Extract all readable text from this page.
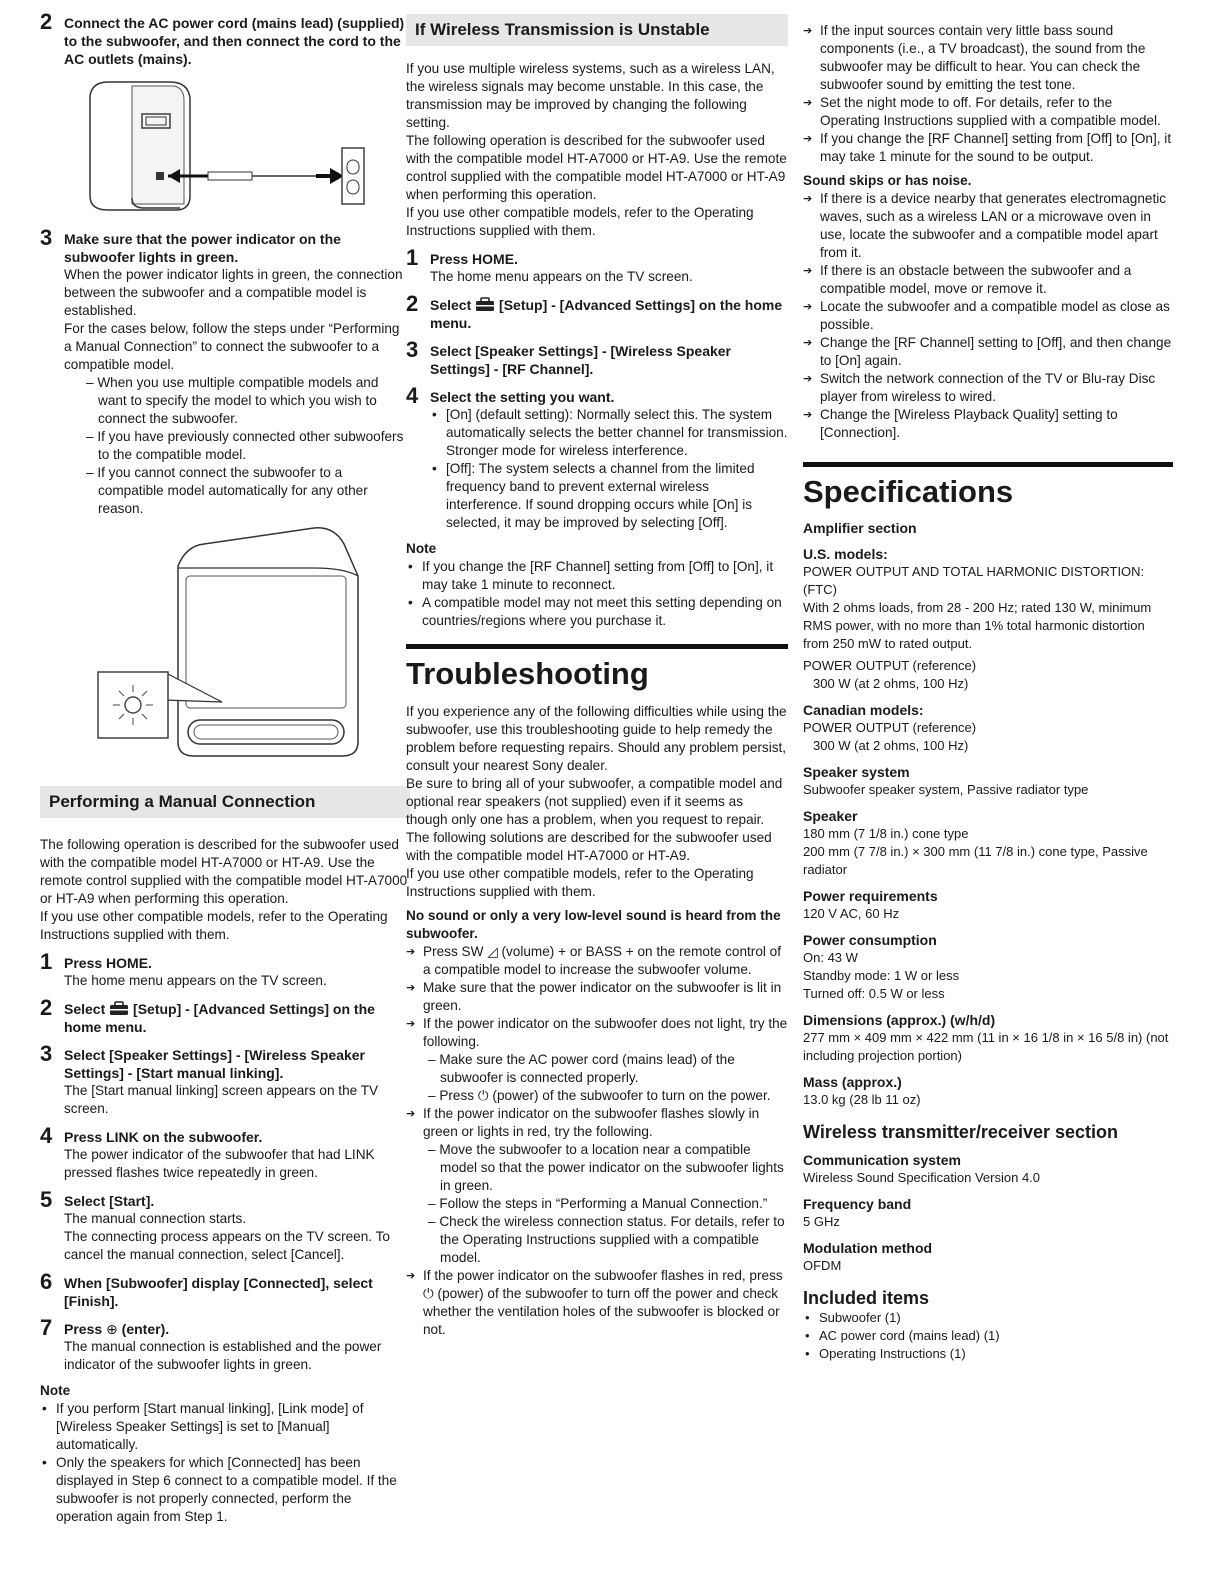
2 Connect the AC power cord (mains lead) (supplied) to the subwoofer, and then connect the cord to the AC outlets (mains).

3 Make sure that the power indicator on the subwoofer lights in green.

When the power indicator lights in green, the connection between the subwoofer and a compatible model is established.

For the cases below, follow the steps under “Performing a Manual Connection” to connect the subwoofer to a compatible model.

– When you use multiple compatible models and want to specify the model to which you wish to connect the subwoofer.

– If you have previously connected other subwoofers to the compatible model.

– If you cannot connect the subwoofer to a compatible model automatically for any other reason.

Performing a Manual Connection

The following operation is described for the subwoofer used with the compatible model HT-A7000 or HT-A9. Use the remote control supplied with the compatible model HT-A7000 or HT-A9 when performing this operation.

If you use other compatible models, refer to the Operating Instructions supplied with them.

1 Press HOME.

The home menu appears on the TV screen.

2 Select [Setup] - [Advanced Settings] on the home menu.

3 Select [Speaker Settings] - [Wireless Speaker Settings] - [Start manual linking].

The [Start manual linking] screen appears on the TV screen.

4 Press LINK on the subwoofer.

The power indicator of the subwoofer that had LINK pressed flashes twice repeatedly in green.

5 Select [Start].

The manual connection starts.

The connecting process appears on the TV screen. To cancel the manual connection, select [Cancel].

6 When [Subwoofer] display [Connected], select [Finish].

7 Press ⊕ (enter).

The manual connection is established and the power indicator of the subwoofer lights in green.

Note

• If you perform [Start manual linking], [Link mode] of [Wireless Speaker Settings] is set to [Manual] automatically.

• Only the speakers for which [Connected] has been displayed in Step 6 connect to a compatible model. If the subwoofer is not properly connected, perform the operation again from Step 1.

If Wireless Transmission is Unstable

If you use multiple wireless systems, such as a wireless LAN, the wireless signals may become unstable. In this case, the transmission may be improved by changing the following setting.

The following operation is described for the subwoofer used with the compatible model HT-A7000 or HT-A9. Use the remote control supplied with the compatible model HT-A7000 or HT-A9 when performing this operation.

If you use other compatible models, refer to the Operating Instructions supplied with them.

1 Press HOME.

The home menu appears on the TV screen.

2 Select [Setup] - [Advanced Settings] on the home menu.

3 Select [Speaker Settings] - [Wireless Speaker Settings] - [RF Channel].

4 Select the setting you want.

• [On] (default setting): Normally select this. The system automatically selects the better channel for transmission. Stronger mode for wireless interference.

• [Off]: The system selects a channel from the limited frequency band to prevent external wireless interference. If sound dropping occurs while [On] is selected, it may be improved by selecting [Off].

Note

• If you change the [RF Channel] setting from [Off] to [On], it may take 1 minute to reconnect.

• A compatible model may not meet this setting depending on countries/regions where you purchase it.

Troubleshooting

If you experience any of the following difficulties while using the subwoofer, use this troubleshooting guide to help remedy the problem before requesting repairs. Should any problem persist, consult your nearest Sony dealer.

Be sure to bring all of your subwoofer, a compatible model and optional rear speakers (not supplied) even if it seems as though only one has a problem, when you request to repair.

The following solutions are described for the subwoofer used with the compatible model HT-A7000 or HT-A9.

If you use other compatible models, refer to the Operating Instructions supplied with them.

No sound or only a very low-level sound is heard from the subwoofer.

➔ Press SW ◿ (volume) + or BASS + on the remote control of a compatible model to increase the subwoofer volume.

➔ Make sure that the power indicator on the subwoofer is lit in green.

➔ If the power indicator on the subwoofer does not light, try the following.

– Make sure the AC power cord (mains lead) of the subwoofer is connected properly.

– Press ⏻ (power) of the subwoofer to turn on the power.

➔ If the power indicator on the subwoofer flashes slowly in green or lights in red, try the following.

– Move the subwoofer to a location near a compatible model so that the power indicator on the subwoofer lights in green.

– Follow the steps in “Performing a Manual Connection.”

– Check the wireless connection status. For details, refer to the Operating Instructions supplied with a compatible model.

➔ If the power indicator on the subwoofer flashes in red, press ⏻ (power) of the subwoofer to turn off the power and check whether the ventilation holes of the subwoofer is blocked or not.

➔ If the input sources contain very little bass sound components (i.e., a TV broadcast), the sound from the subwoofer may be difficult to hear. You can check the subwoofer sound by emitting the test tone.

➔ Set the night mode to off. For details, refer to the Operating Instructions supplied with a compatible model.

➔ If you change the [RF Channel] setting from [Off] to [On], it may take 1 minute for the sound to be output.

Sound skips or has noise.

➔ If there is a device nearby that generates electromagnetic waves, such as a wireless LAN or a microwave oven in use, locate the subwoofer and a compatible model apart from it.

➔ If there is an obstacle between the subwoofer and a compatible model, move or remove it.

➔ Locate the subwoofer and a compatible model as close as possible.

➔ Change the [RF Channel] setting to [Off], and then change to [On] again.

➔ Switch the network connection of the TV or Blu-ray Disc player from wireless to wired.

➔ Change the [Wireless Playback Quality] setting to [Connection].

Specifications

Amplifier section

U.S. models:

POWER OUTPUT AND TOTAL HARMONIC DISTORTION:

(FTC)

With 2 ohms loads, from 28 - 200 Hz; rated 130 W, minimum RMS power, with no more than 1% total harmonic distortion from 250 mW to rated output.

POWER OUTPUT (reference)

300 W (at 2 ohms, 100 Hz)

Canadian models:

POWER OUTPUT (reference)

300 W (at 2 ohms, 100 Hz)

Speaker system

Subwoofer speaker system, Passive radiator type

Speaker

180 mm (7 1/8 in.) cone type

200 mm (7 7/8 in.) × 300 mm (11 7/8 in.) cone type, Passive radiator

Power requirements

120 V AC, 60 Hz

Power consumption

On: 43 W

Standby mode: 1 W or less

Turned off: 0.5 W or less

Dimensions (approx.) (w/h/d)

277 mm × 409 mm × 422 mm (11 in × 16 1/8 in × 16 5/8 in) (not including projection portion)

Mass (approx.)

13.0 kg (28 lb 11 oz)

Wireless transmitter/receiver section

Communication system

Wireless Sound Specification Version 4.0

Frequency band

5 GHz

Modulation method

OFDM

Included items

• Subwoofer (1)

• AC power cord (mains lead) (1)

• Operating Instructions (1)
